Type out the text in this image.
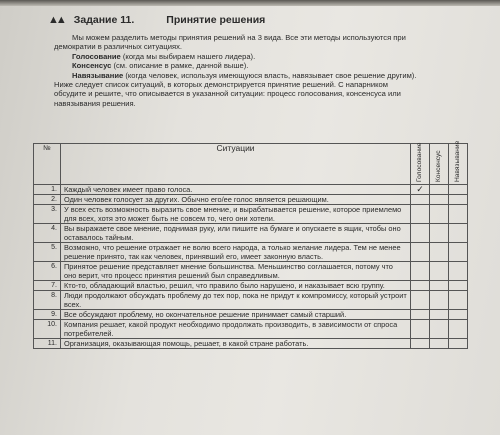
▲▲ Задание 11.	Принятие решения

Мы можем разделить методы принятия решений на 3 вида. Все эти методы используются при

демократии в различных ситуациях.

Голосование (когда мы выбираем нашего лидера).

Консенсус (см. описание в рамке, данной выше).

Навязывание (когда человек, используя имеющуюся власть, навязывает свое решение другим).

Ниже следует список ситуаций, в которых демонстрируется принятие решений. С напарником

обсудите и решите, что описывается в указанной ситуации: процесс голосования, консенсуса или

навязывания решения.

№	Ситуации	Голосование	Консенсус	Навязывание

1.	Каждый человек имеет право голоса.	✓		
2.	Один человек голосует за других. Обычно его/ее голос является решающим.			
3.	У всех есть возможность выразить свое мнение, и вырабатывается решение, которое приемлемо для всех, хотя это может быть не совсем то, чего они хотели.			
4.	Вы выражаете свое мнение, поднимая руку, или пишите на бумаге и опускаете в ящик, чтобы оно оставалось тайным.			
5.	Возможно, что решение отражает не волю всего народа, а только желание лидера. Тем не менее решение принято, так как человек, принявший его, имеет законную власть.			
6.	Принятое решение представляет мнение большинства. Меньшинство соглашается, потому что оно верит, что процесс принятия решений был справедливым.			
7.	Кто-то, обладающий властью, решил, что правило было нарушено, и наказывает всю группу.			
8.	Люди продолжают обсуждать проблему до тех пор, пока не придут к компромиссу, который устроит всех.			
9.	Все обсуждают проблему, но окончательное решение принимает самый старший.			
10.	Компания решает, какой продукт необходимо продолжать производить, в зависимости от спроса потребителей.			
11.	Организация, оказывающая помощь, решает, в какой стране работать.			
